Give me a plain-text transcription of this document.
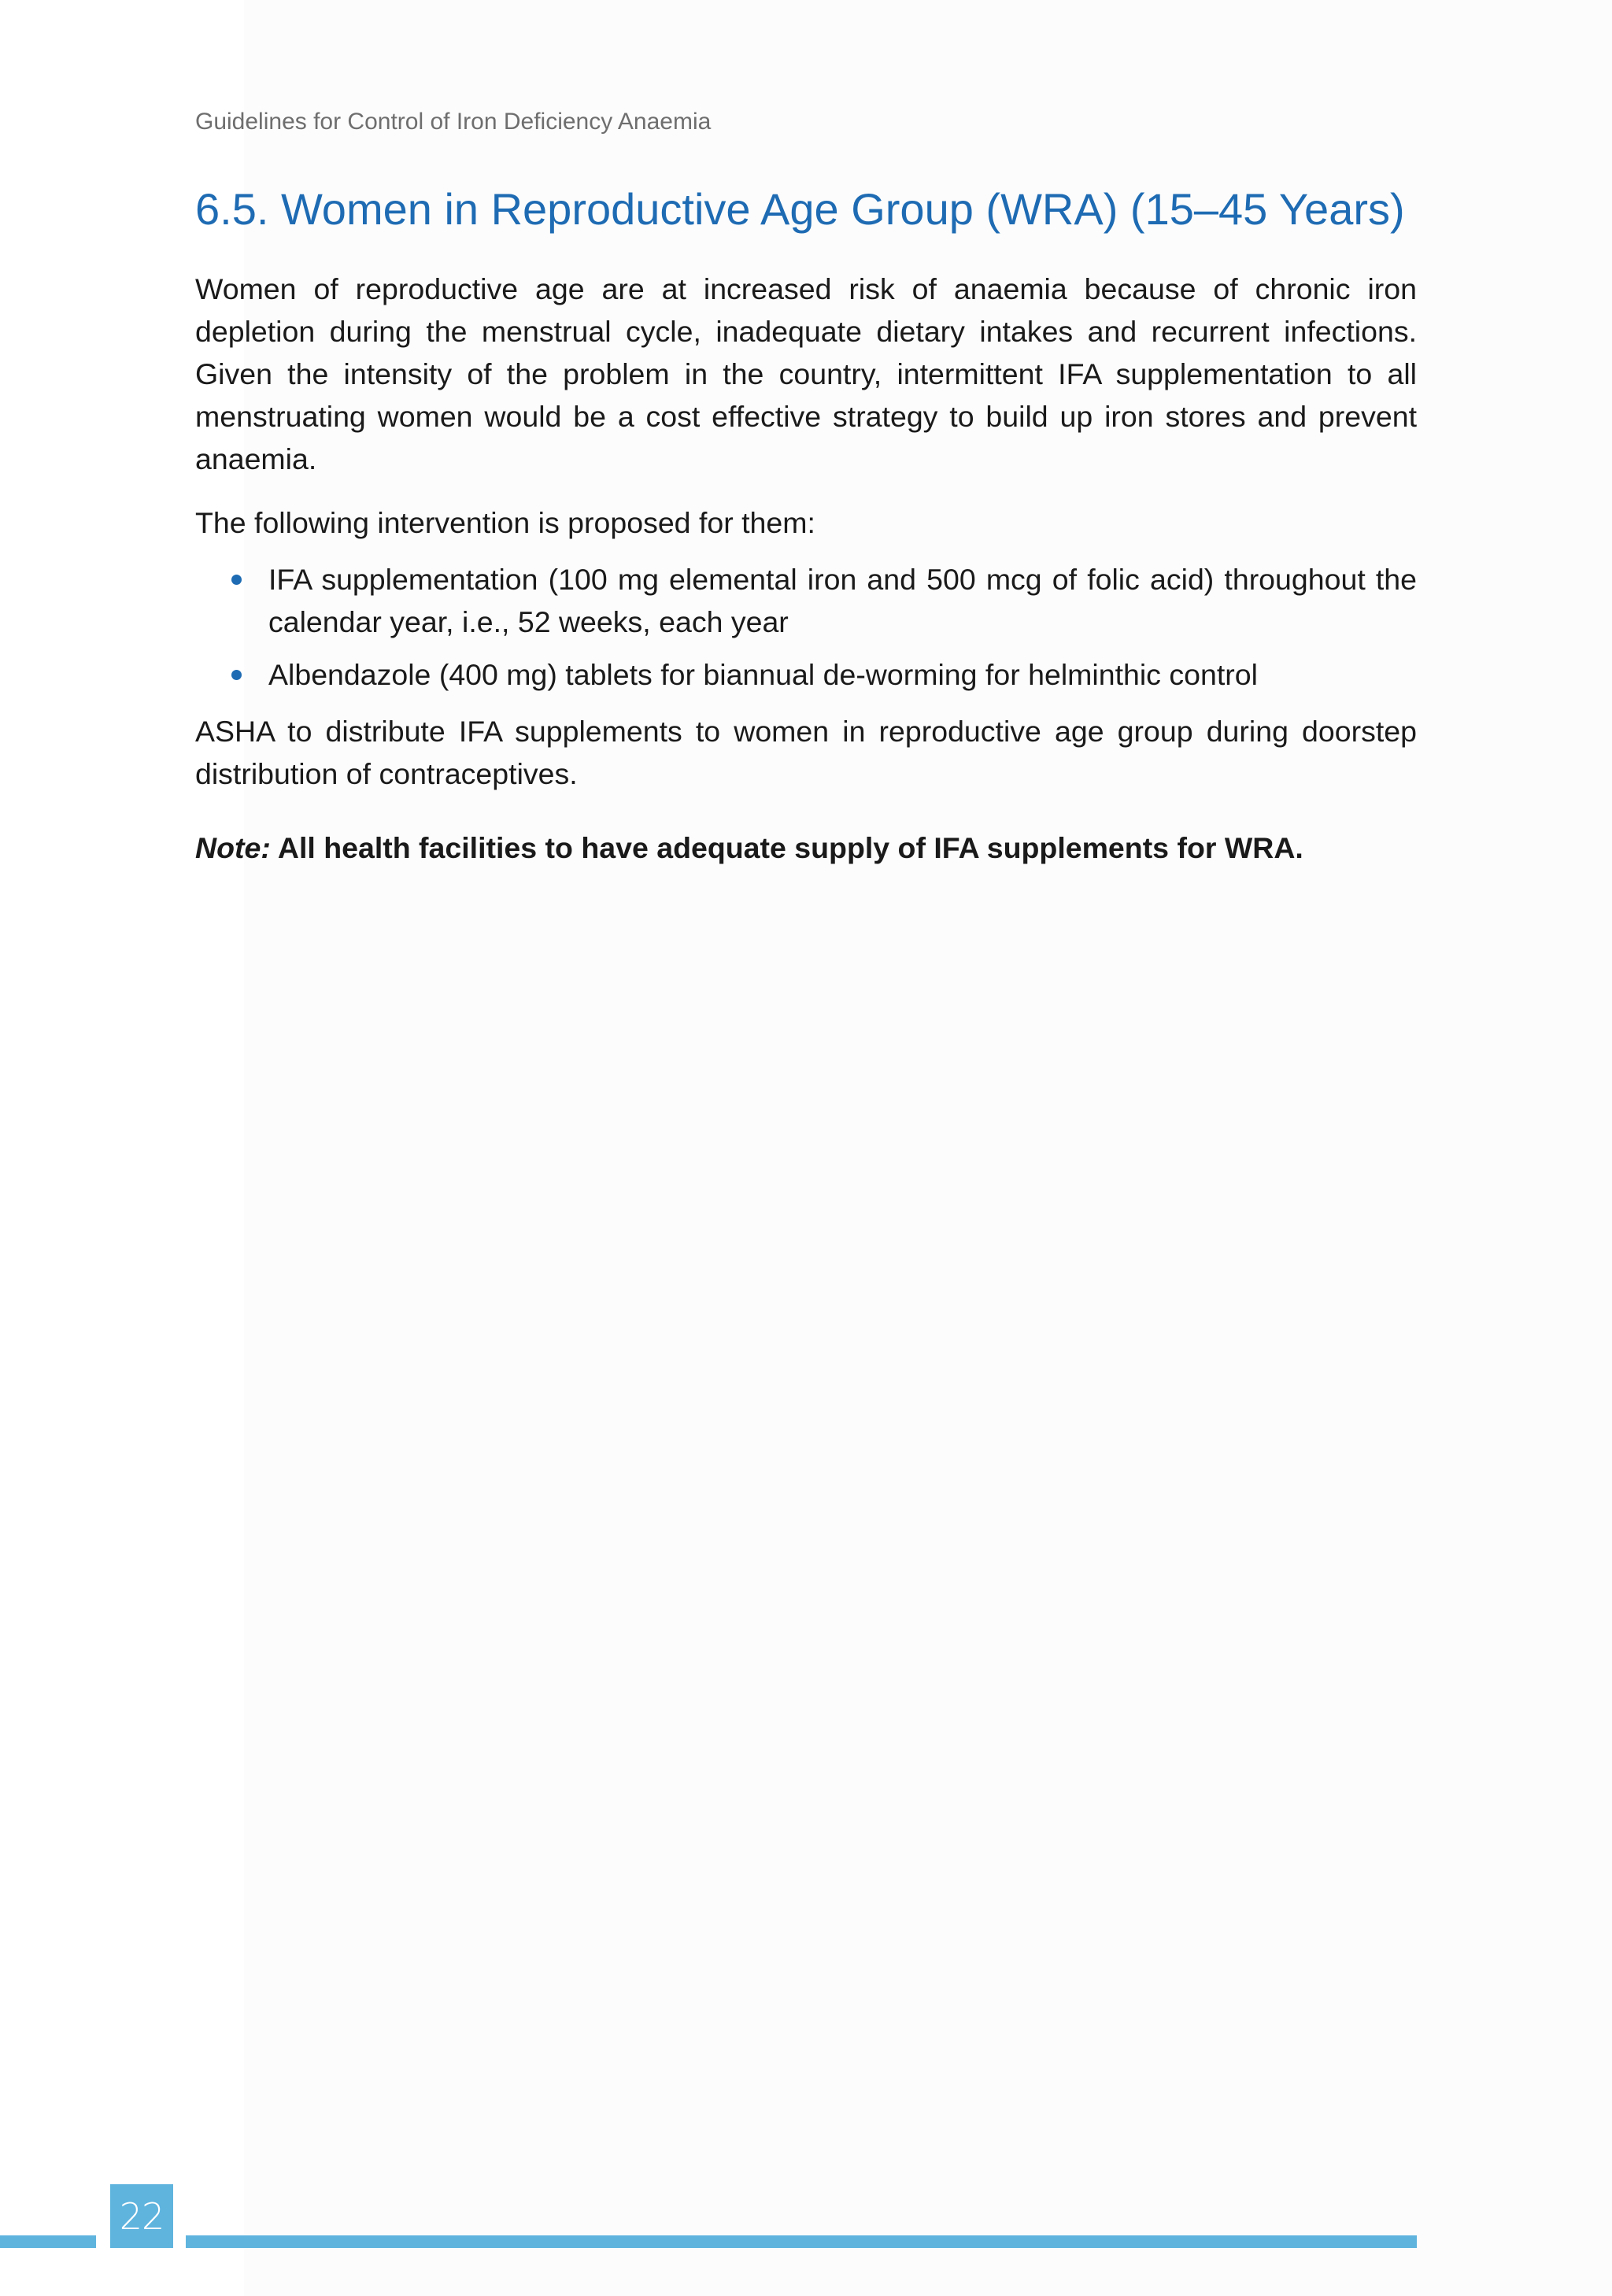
Guidelines for Control of Iron Deficiency Anaemia
6.5. Women in Reproductive Age Group (WRA) (15–45 Years)

Women of reproductive age are at increased risk of anaemia because of chronic iron depletion during the menstrual cycle, inadequate dietary intakes and recurrent infections. Given the intensity of the problem in the country, intermittent IFA supplementation to all menstruating women would be a cost effective strategy to build up iron stores and prevent anaemia.

The following intervention is proposed for them:

IFA supplementation (100 mg elemental iron and 500 mcg of folic acid) throughout the calendar year, i.e., 52 weeks, each year
Albendazole (400 mg) tablets for biannual de-worming for helminthic control

ASHA to distribute IFA supplements to women in reproductive age group during doorstep distribution of contraceptives.

Note: All health facilities to have adequate supply of IFA supplements for WRA.

22
